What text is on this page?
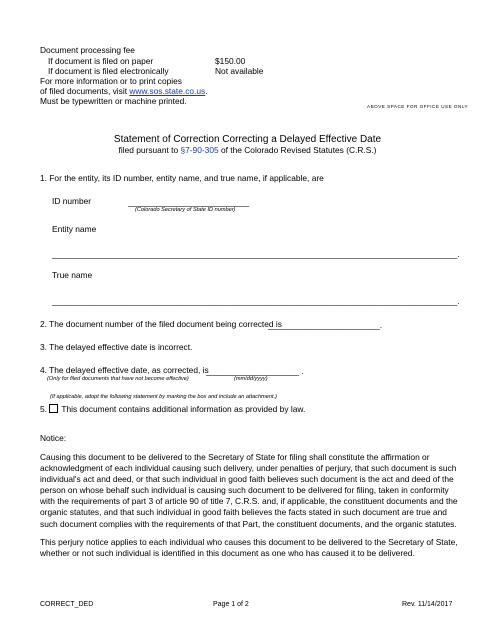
Document processing fee
If document is filed on paper	$150.00
If document is filed electronically	Not available
For more information or to print copies
of filed documents, visit www.sos.state.co.us.
Must be typewritten or machine printed.
ABOVE SPACE FOR OFFICE USE ONLY
Statement of Correction Correcting a Delayed Effective Date
filed pursuant to §7-90-305 of the Colorado Revised Statutes (C.R.S.)
1. For the entity, its ID number, entity name, and true name, if applicable, are
ID number	__________________________
(Colorado Secretary of State ID number)
Entity name
_______________________________________________________________________________________.
True name
_______________________________________________________________________________________.
2. The document number of the filed document being corrected is
________________________.
3. The delayed effective date is incorrect.
4. The delayed effective date, as corrected, is
____________________ .
(Only for filed documents that have not become effective)	(mm/dd/yyyy)
(If applicable, adopt the following statement by marking the box and include an attachment.)
5. This document contains additional information as provided by law.
Notice:
Causing this document to be delivered to the Secretary of State for filing shall constitute the affirmation or acknowledgment of each individual causing such delivery, under penalties of perjury, that such document is such individual's act and deed, or that such individual in good faith believes such document is the act and deed of the person on whose behalf such individual is causing such document to be delivered for filing, taken in conformity with the requirements of part 3 of article 90 of title 7, C.R.S. and, if applicable, the constituent documents and the organic statutes, and that such individual in good faith believes the facts stated in such document are true and such document complies with the requirements of that Part, the constituent documents, and the organic statutes.
This perjury notice applies to each individual who causes this document to be delivered to the Secretary of State, whether or not such individual is identified in this document as one who has caused it to be delivered.
CORRECT_DED	Page 1 of 2	Rev. 11/14/2017
